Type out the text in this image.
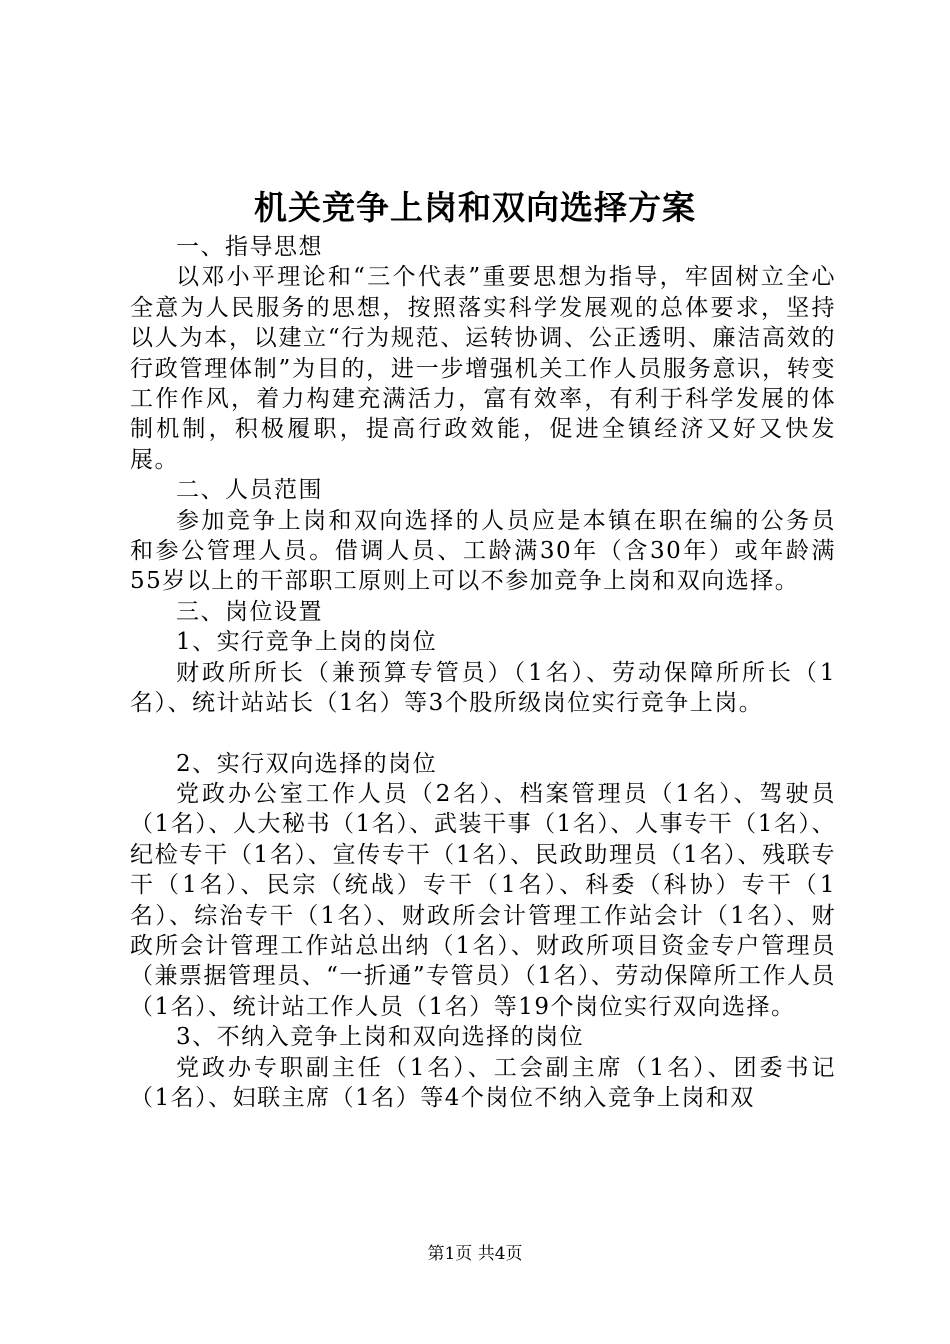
机关竞争上岗和双向选择方案

一、指导思想

以邓小平理论和“三个代表”重要思想为指导，牢固树立全心全意为人民服务的思想，按照落实科学发展观的总体要求，坚持以人为本，以建立“行为规范、运转协调、公正透明、廉洁高效的行政管理体制”为目的，进一步增强机关工作人员服务意识，转变工作作风，着力构建充满活力，富有效率，有利于科学发展的体制机制，积极履职，提高行政效能，促进全镇经济又好又快发展。

二、人员范围

参加竞争上岗和双向选择的人员应是本镇在职在编的公务员和参公管理人员。借调人员、工龄满30年（含30年）或年龄满55岁以上的干部职工原则上可以不参加竞争上岗和双向选择。

三、岗位设置

1、实行竞争上岗的岗位

财政所所长（兼预算专管员）（1名）、劳动保障所所长（1名）、统计站站长（1名）等3个股所级岗位实行竞争上岗。

2、实行双向选择的岗位

党政办公室工作人员（2名）、档案管理员（1名）、驾驶员（1名）、人大秘书（1名）、武装干事（1名）、人事专干（1名）、纪检专干（1名）、宣传专干（1名）、民政助理员（1名）、残联专干（1名）、民宗（统战）专干（1名）、科委（科协）专干（1名）、综治专干（1名）、财政所会计管理工作站会计（1名）、财政所会计管理工作站总出纳（1名）、财政所项目资金专户管理员（兼票据管理员、“一折通”专管员）（1名）、劳动保障所工作人员（1名）、统计站工作人员（1名）等19个岗位实行双向选择。

3、不纳入竞争上岗和双向选择的岗位

党政办专职副主任（1名）、工会副主席（1名）、团委书记（1名）、妇联主席（1名）等4个岗位不纳入竞争上岗和双

第1页 共4页
